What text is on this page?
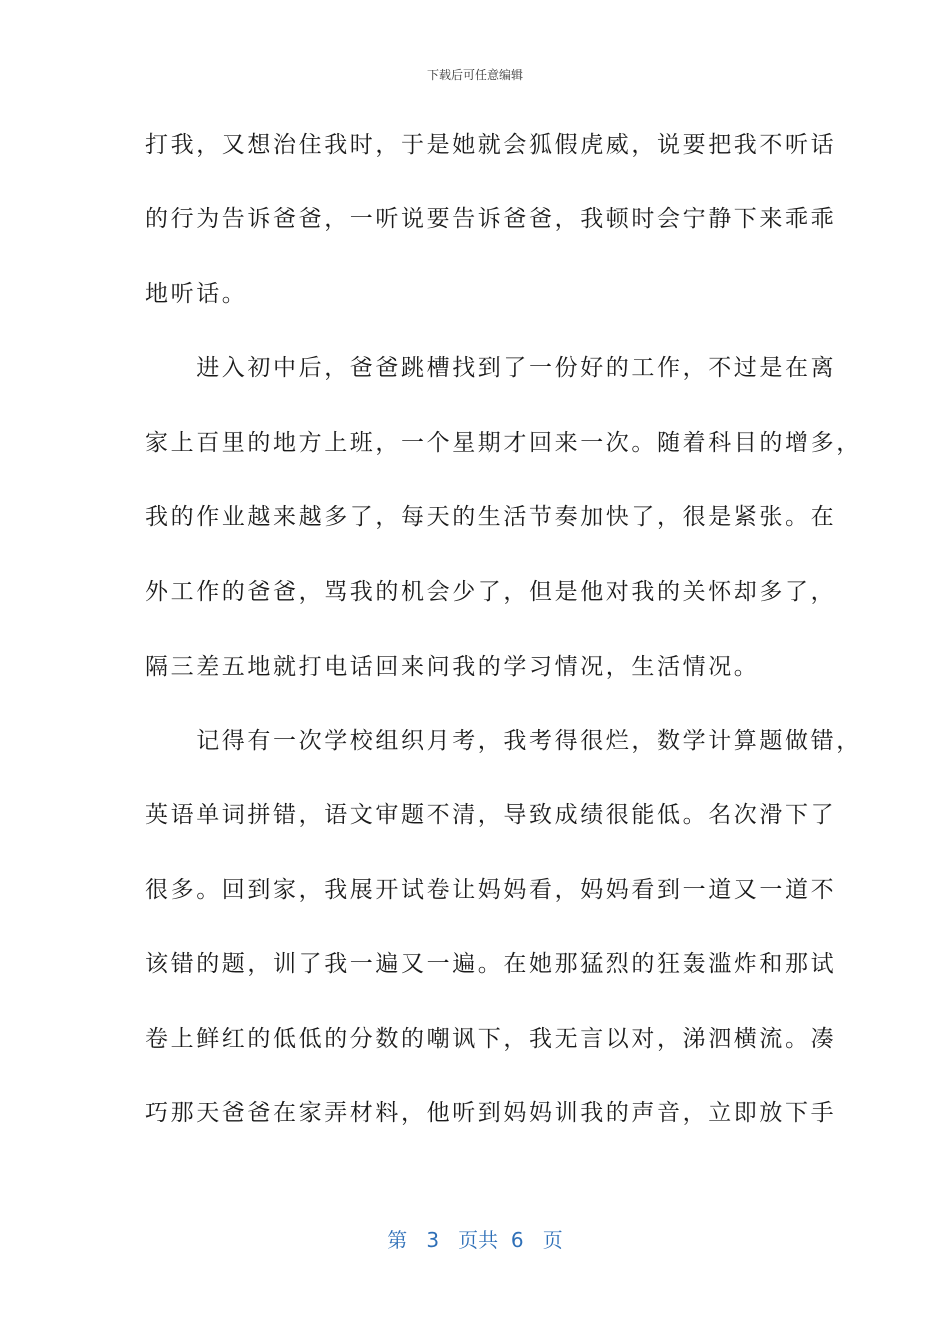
下载后可任意编辑
打我，又想治住我时，于是她就会狐假虎威，说要把我不听话
的行为告诉爸爸，一听说要告诉爸爸，我顿时会宁静下来乖乖
地听话。
　　进入初中后，爸爸跳槽找到了一份好的工作，不过是在离
家上百里的地方上班，一个星期才回来一次。随着科目的增多，
我的作业越来越多了，每天的生活节奏加快了，很是紧张。在
外工作的爸爸，骂我的机会少了，但是他对我的关怀却多了，
隔三差五地就打电话回来问我的学习情况，生活情况。
　　记得有一次学校组织月考，我考得很烂，数学计算题做错，
英语单词拼错，语文审题不清，导致成绩很能低。名次滑下了
很多。回到家，我展开试卷让妈妈看，妈妈看到一道又一道不
该错的题，训了我一遍又一遍。在她那猛烈的狂轰滥炸和那试
卷上鲜红的低低的分数的嘲讽下，我无言以对，涕泗横流。凑
巧那天爸爸在家弄材料，他听到妈妈训我的声音，立即放下手
第 3 页共 6 页
